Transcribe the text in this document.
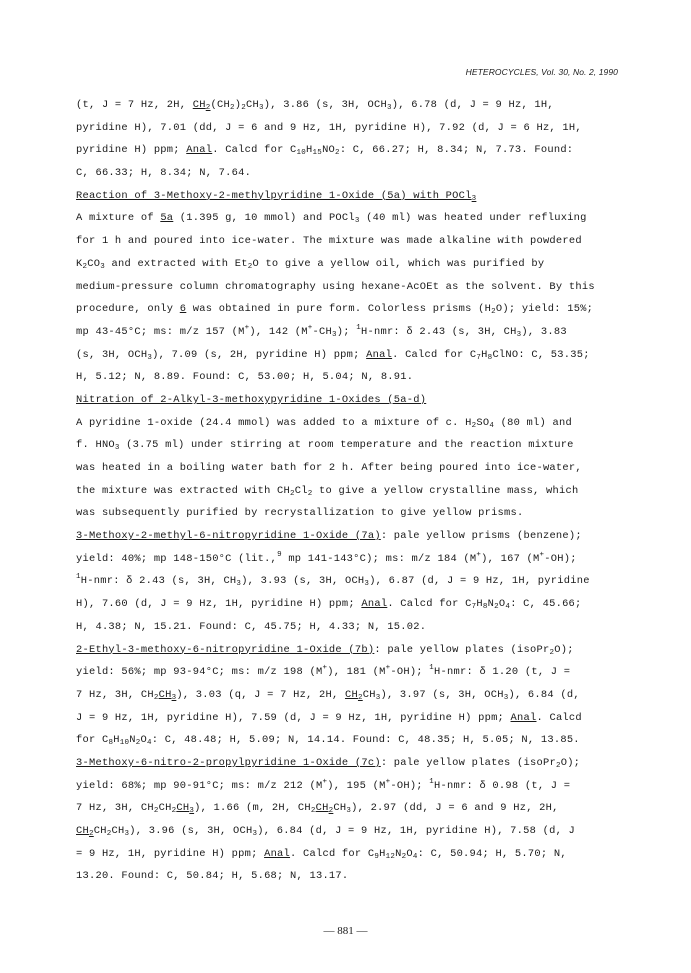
HETEROCYCLES, Vol. 30, No. 2, 1990
(t, J = 7 Hz, 2H, $CH_2(CH_2)_2CH_3$), 3.86 (s, 3H, $OCH_3$), 6.78 (d, J = 9 Hz, 1H,
pyridine H), 7.01 (dd, J = 6 and 9 Hz, 1H, pyridine H), 7.92 (d, J = 6 Hz, 1H,
pyridine H) ppm; Anal. Calcd for $C_{10}H_{15}NO_2$: C, 66.27; H, 8.34; N, 7.73. Found:
C, 66.33; H, 8.34; N, 7.64.
Reaction of 3-Methoxy-2-methylpyridine 1-Oxide (5a) with POCl$_3$
A mixture of 5a (1.395 g, 10 mmol) and POCl$_3$ (40 ml) was heated under refluxing
for 1 h and poured into ice-water. The mixture was made alkaline with powdered
$K_2CO_3$ and extracted with $Et_2O$ to give a yellow oil, which was purified by
medium-pressure column chromatography using hexane-AcOEt as the solvent. By this
procedure, only 6 was obtained in pure form. Colorless prisms $(H_2O)$; yield: 15%;
mp 43-45°C; ms: m/z 157 (M+), 142 $(M^+-CH_3)$; $^1$H-nmr: δ 2.43 (s, 3H, $CH_3$), 3.83
(s, 3H, $OCH_3$), 7.09 (s, 2H, pyridine H) ppm; Anal. Calcd for $C_7H_8ClNO$: C, 53.35;
H, 5.12; N, 8.89. Found: C, 53.00; H, 5.04; N, 8.91.
Nitration of 2-Alkyl-3-methoxypyridine 1-Oxides (5a-d)
A pyridine 1-oxide (24.4 mmol) was added to a mixture of c. $H_2SO_4$ (80 ml) and
f. $HNO_3$ (3.75 ml) under stirring at room temperature and the reaction mixture
was heated in a boiling water bath for 2 h. After being poured into ice-water,
the mixture was extracted with $CH_2Cl_2$ to give a yellow crystalline mass, which
was subsequently purified by recrystallization to give yellow prisms.
3-Methoxy-2-methyl-6-nitropyridine 1-Oxide (7a): pale yellow prisms (benzene);
yield: 40%; mp 148-150°C (lit.,$^9$ mp 141-143°C); ms: m/z 184 (M+), 167 (M+-OH);
$^1$H-nmr: δ 2.43 (s, 3H, $CH_3$), 3.93 (s, 3H, $OCH_3$), 6.87 (d, J = 9 Hz, 1H, pyridine
H), 7.60 (d, J = 9 Hz, 1H, pyridine H) ppm; Anal. Calcd for $C_7H_8N_2O_4$: C, 45.66;
H, 4.38; N, 15.21. Found: C, 45.75; H, 4.33; N, 15.02.
2-Ethyl-3-methoxy-6-nitropyridine 1-Oxide (7b): pale yellow plates (isoPr$_2$O);
yield: 56%; mp 93-94°C; ms: m/z 198 (M+), 181 (M+-OH); $^1$H-nmr: δ 1.20 (t, J =
7 Hz, 3H, $CH_2CH_3$), 3.03 (q, J = 7 Hz, 2H, $CH_2CH_3$), 3.97 (s, 3H, $OCH_3$), 6.84 (d,
J = 9 Hz, 1H, pyridine H), 7.59 (d, J = 9 Hz, 1H, pyridine H) ppm; Anal. Calcd
for $C_8H_{10}N_2O_4$: C, 48.48; H, 5.09; N, 14.14. Found: C, 48.35; H, 5.05; N, 13.85.
3-Methoxy-6-nitro-2-propylpyridine 1-Oxide (7c): pale yellow plates (isoPr$_2$O);
yield: 68%; mp 90-91°C; ms: m/z 212 (M+), 195 (M+-OH); $^1$H-nmr: δ 0.98 (t, J =
7 Hz, 3H, $CH_2CH_2CH_3$), 1.66 (m, 2H, $CH_2CH_2CH_3$), 2.97 (dd, J = 6 and 9 Hz, 2H,
$CH_2CH_2CH_3$), 3.96 (s, 3H, $OCH_3$), 6.84 (d, J = 9 Hz, 1H, pyridine H), 7.58 (d, J
= 9 Hz, 1H, pyridine H) ppm; Anal. Calcd for $C_9H_{12}N_2O_4$: C, 50.94; H, 5.70; N,
13.20. Found: C, 50.84; H, 5.68; N, 13.17.
— 881 —
